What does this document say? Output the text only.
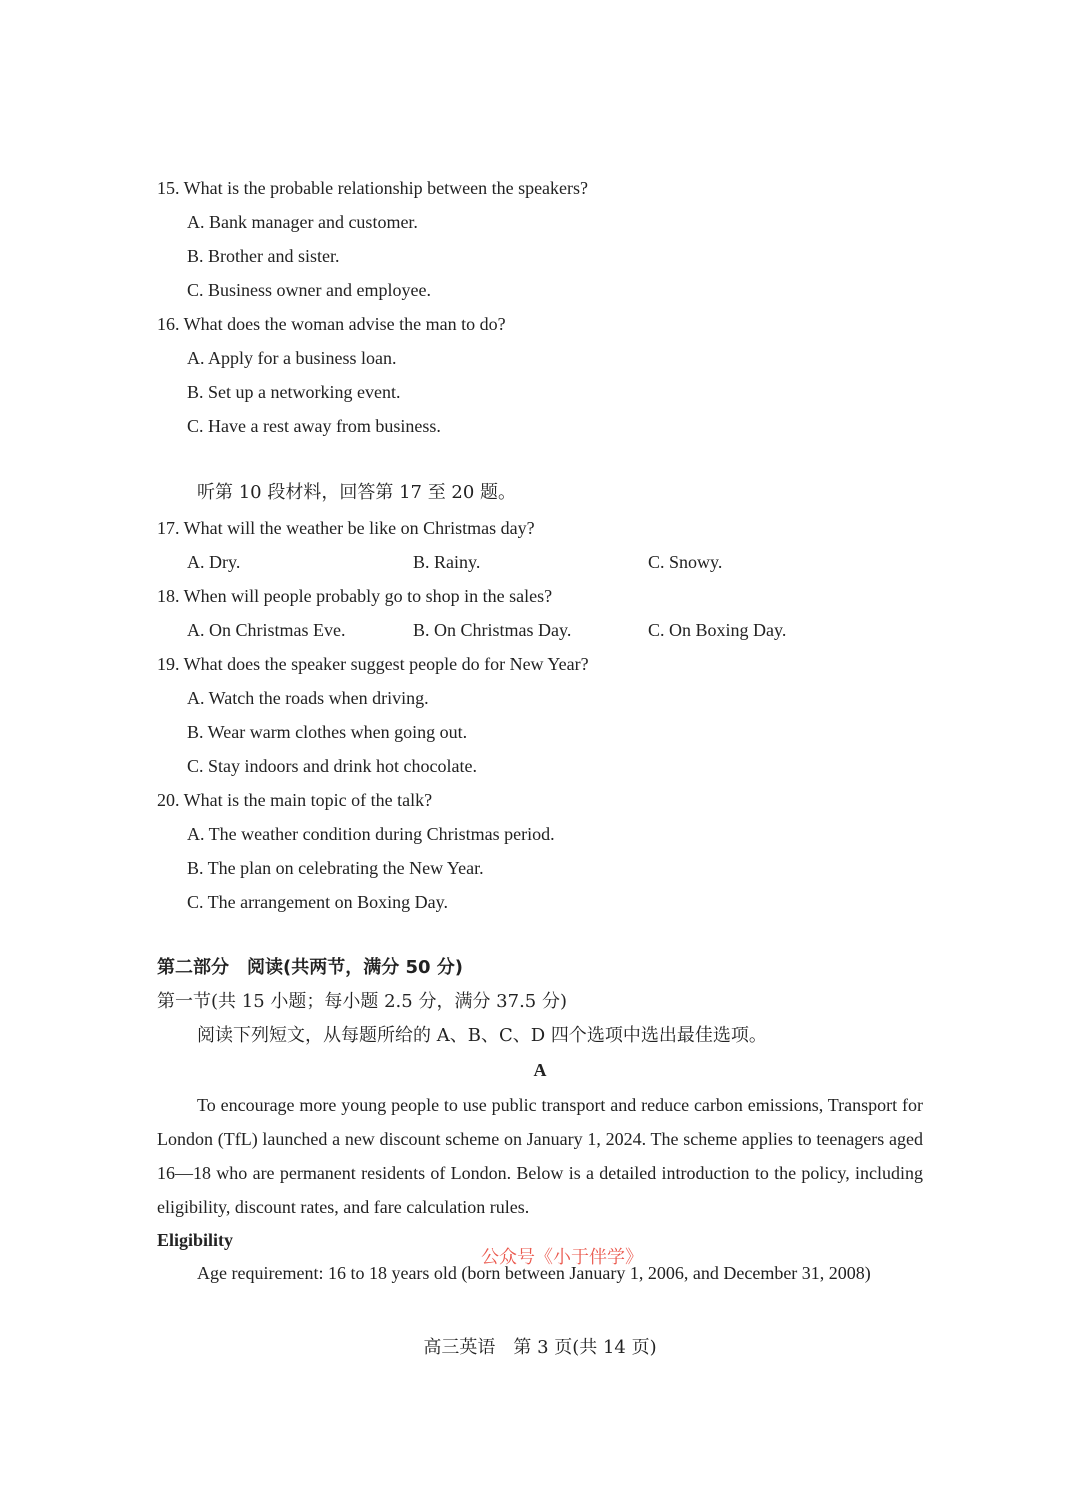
15. What is the probable relationship between the speakers?
A. Bank manager and customer.
B. Brother and sister.
C. Business owner and employee.
16. What does the woman advise the man to do?
A. Apply for a business loan.
B. Set up a networking event.
C. Have a rest away from business.
听第 10 段材料，回答第 17 至 20 题。
17. What will the weather be like on Christmas day?
A. Dry.	B. Rainy.	C. Snowy.
18. When will people probably go to shop in the sales?
A. On Christmas Eve.	B. On Christmas Day.	C. On Boxing Day.
19. What does the speaker suggest people do for New Year?
A. Watch the roads when driving.
B. Wear warm clothes when going out.
C. Stay indoors and drink hot chocolate.
20. What is the main topic of the talk?
A. The weather condition during Christmas period.
B. The plan on celebrating the New Year.
C. The arrangement on Boxing Day.
第二部分　阅读(共两节，满分 50 分)
第一节(共 15 小题；每小题 2.5 分，满分 37.5 分)
阅读下列短文，从每题所给的 A、B、C、D 四个选项中选出最佳选项。
A
To encourage more young people to use public transport and reduce carbon emissions, Transport for London (TfL) launched a new discount scheme on January 1, 2024. The scheme applies to teenagers aged 16—18 who are permanent residents of London. Below is a detailed introduction to the policy, including eligibility, discount rates, and fare calculation rules.
Eligibility
Age requirement: 16 to 18 years old (born between January 1, 2006, and December 31, 2008)
公众号《小于伴学》
高三英语　第 3 页(共 14 页)
